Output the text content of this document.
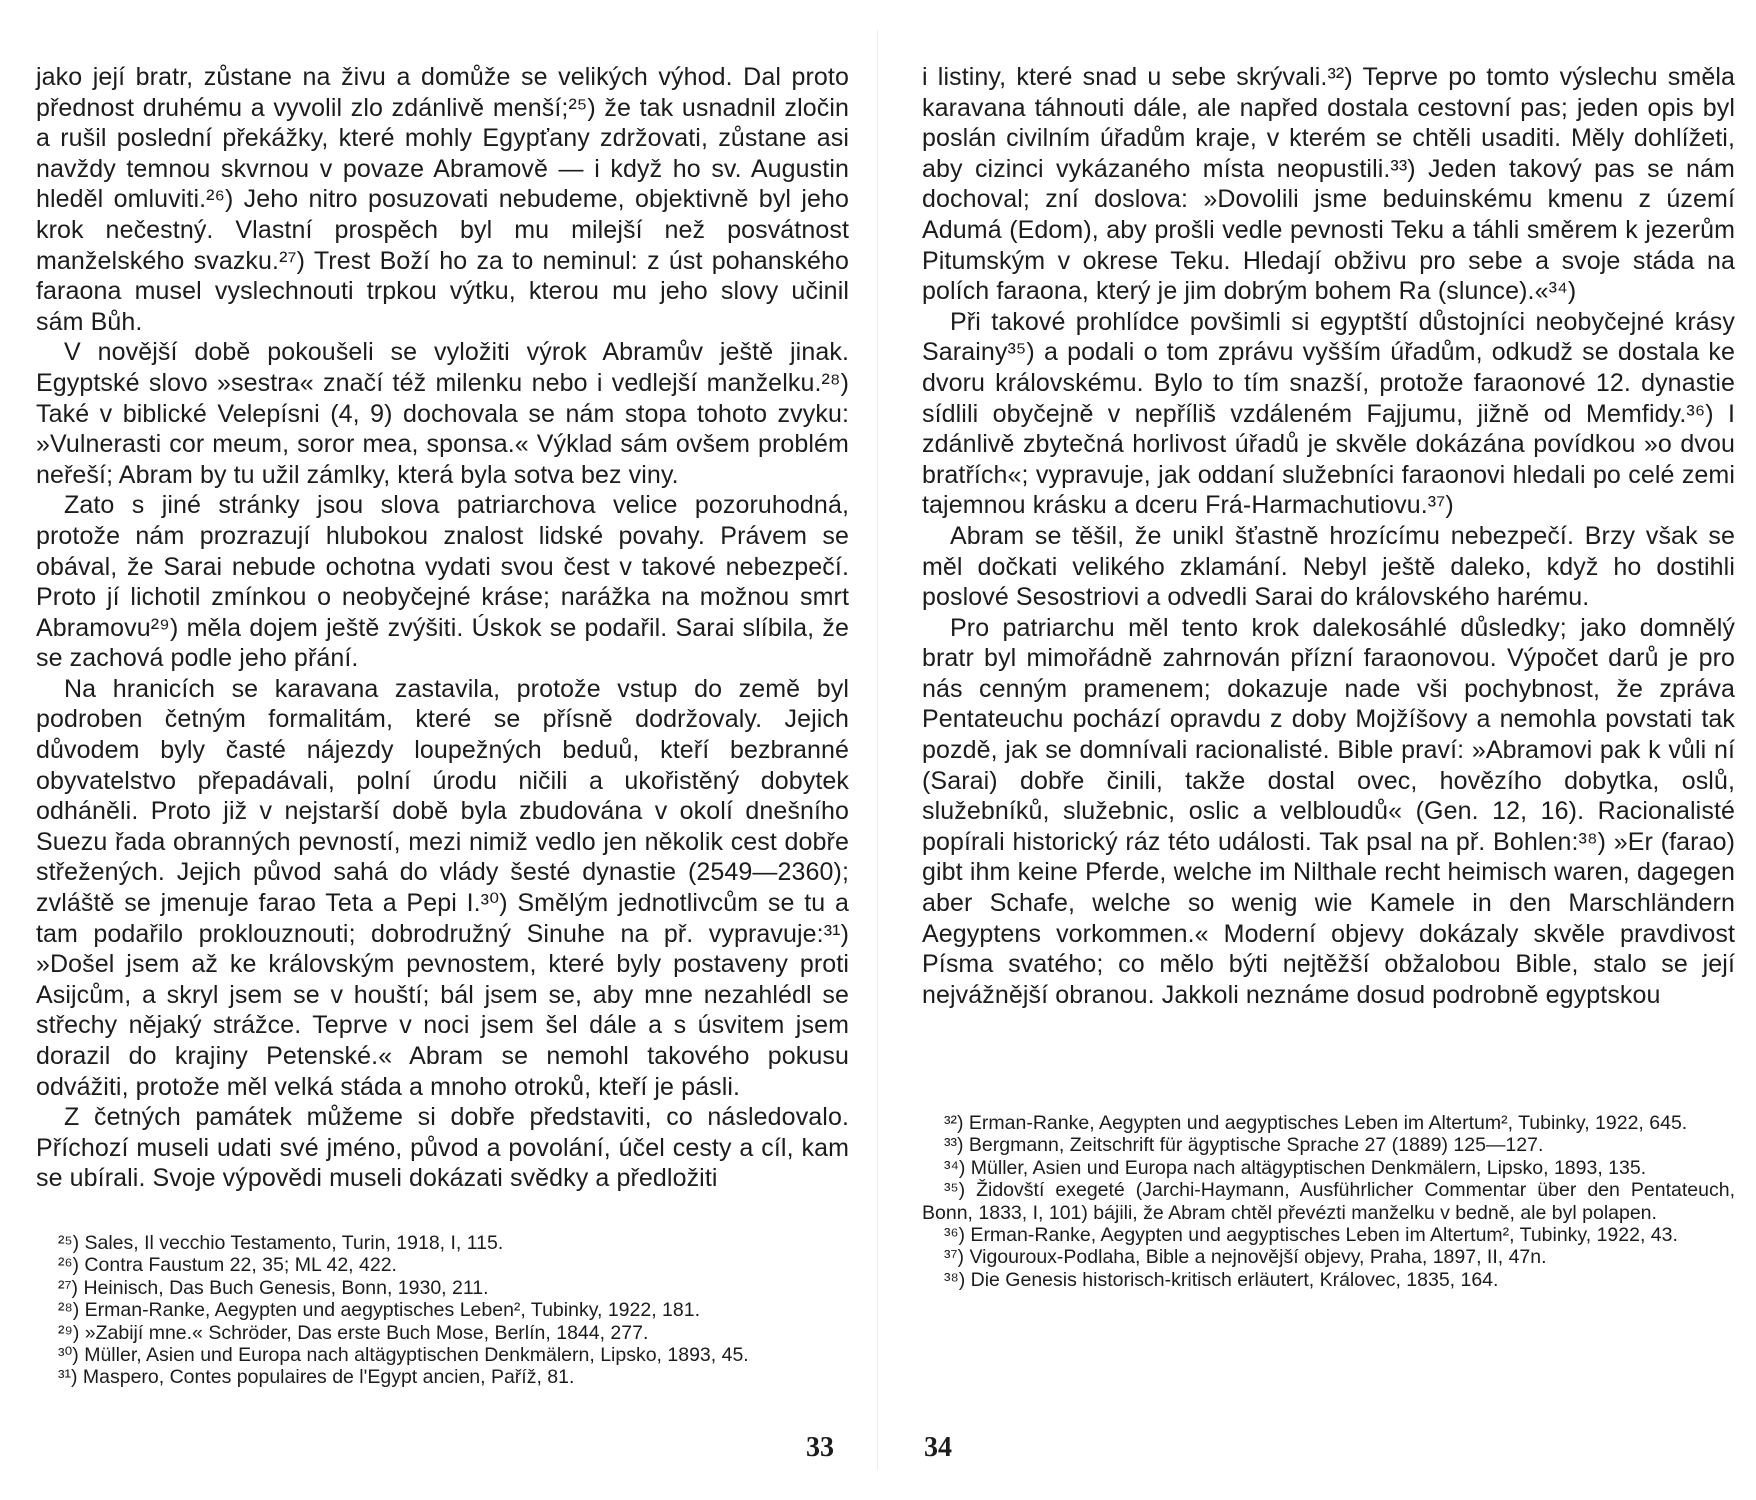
jako její bratr, zůstane na živu a domůže se velikých výhod. Dal proto přednost druhému a vyvolil zlo zdánlivě menší;²⁵) že tak usnadnil zločin a rušil poslední překážky, které mohly Egypťany zdržovati, zůstane asi navždy temnou skvrnou v povaze Abramově — i když ho sv. Augustin hleděl omluviti.²⁶) Jeho nitro posuzovati nebudeme, objektivně byl jeho krok nečestný. Vlastní prospěch byl mu milejší než posvátnost manželského svazku.²⁷) Trest Boží ho za to neminul: z úst pohanského faraona musel vyslechnouti trpkou výtku, kterou mu jeho slovy učinil sám Bůh.

V novější době pokoušeli se vyložiti výrok Abramův ještě jinak. Egyptské slovo »sestra« značí též milenku nebo i vedlejší manželku.²⁸) Také v biblické Velepísni (4, 9) dochovala se nám stopa tohoto zvyku: »Vulnerasti cor meum, soror mea, sponsa.« Výklad sám ovšem problém neřeší; Abram by tu užil zámlky, která byla sotva bez viny.

Zato s jiné stránky jsou slova patriarchova velice pozoruhodná, protože nám prozrazují hlubokou znalost lidské povahy. Právem se obával, že Sarai nebude ochotna vydati svou čest v takové nebezpečí. Proto jí lichotil zmínkou o neobyčejné kráse; narážka na možnou smrt Abramovu²⁹) měla dojem ještě zvýšiti. Úskok se podařil. Sarai slíbila, že se zachová podle jeho přání.

Na hranicích se karavana zastavila, protože vstup do země byl podroben četným formalitám, které se přísně dodržovaly. Jejich důvodem byly časté nájezdy loupežných beduů, kteří bezbranné obyvatelstvo přepadávali, polní úrodu ničili a ukořistěný dobytek odháněli. Proto již v nejstarší době byla zbudována v okolí dnešního Suezu řada obranných pevností, mezi nimiž vedlo jen několik cest dobře střežených. Jejich původ sahá do vlády šesté dynastie (2549—2360); zvláště se jmenuje farao Teta a Pepi I.³⁰) Smělým jednotlivcům se tu a tam podařilo proklouznouti; dobrodružný Sinuhe na př. vypravuje:³¹) »Došel jsem až ke královským pevnostem, které byly postaveny proti Asijcům, a skryl jsem se v houští; bál jsem se, aby mne nezahlédl se střechy nějaký strážce. Teprve v noci jsem šel dále a s úsvitem jsem dorazil do krajiny Petenské.« Abram se nemohl takového pokusu odvážiti, protože měl velká stáda a mnoho otroků, kteří je pásli.

Z četných památek můžeme si dobře představiti, co následovalo. Příchozí museli udati své jméno, původ a povolání, účel cesty a cíl, kam se ubírali. Svoje výpovědi museli dokázati svědky a předložiti

²⁵) Sales, Il vecchio Testamento, Turin, 1918, I, 115.

²⁶) Contra Faustum 22, 35; ML 42, 422.

²⁷) Heinisch, Das Buch Genesis, Bonn, 1930, 211.

²⁸) Erman-Ranke, Aegypten und aegyptisches Leben², Tubinky, 1922, 181.

²⁹) »Zabijí mne.« Schröder, Das erste Buch Mose, Berlín, 1844, 277.

³⁰) Müller, Asien und Europa nach altägyptischen Denkmälern, Lipsko, 1893, 45.

³¹) Maspero, Contes populaires de l'Egypt ancien, Paříž, 81.

33

i listiny, které snad u sebe skrývali.³²) Teprve po tomto výslechu směla karavana táhnouti dále, ale napřed dostala cestovní pas; jeden opis byl poslán civilním úřadům kraje, v kterém se chtěli usaditi. Měly dohlížeti, aby cizinci vykázaného místa neopustili.³³) Jeden takový pas se nám dochoval; zní doslova: »Dovolili jsme beduinskému kmenu z území Adumá (Edom), aby prošli vedle pevnosti Teku a táhli směrem k jezerům Pitumským v okrese Teku. Hledají obživu pro sebe a svoje stáda na polích faraona, který je jim dobrým bohem Ra (slunce).«³⁴)

Při takové prohlídce povšimli si egyptští důstojníci neobyčejné krásy Sarainy³⁵) a podali o tom zprávu vyšším úřadům, odkudž se dostala ke dvoru královskému. Bylo to tím snazší, protože faraonové 12. dynastie sídlili obyčejně v nepříliš vzdáleném Fajjumu, jižně od Memfidy.³⁶) I zdánlivě zbytečná horlivost úřadů je skvěle dokázána povídkou »o dvou bratřích«; vypravuje, jak oddaní služebníci faraonovi hledali po celé zemi tajemnou krásku a dceru Frá-Harmachutiovu.³⁷)

Abram se těšil, že unikl šťastně hrozícímu nebezpečí. Brzy však se měl dočkati velikého zklamání. Nebyl ještě daleko, když ho dostihli poslové Sesostriovi a odvedli Sarai do královského harému.

Pro patriarchu měl tento krok dalekosáhlé důsledky; jako domnělý bratr byl mimořádně zahrnován přízní faraonovou. Výpočet darů je pro nás cenným pramenem; dokazuje nade vši pochybnost, že zpráva Pentateuchu pochází opravdu z doby Mojžíšovy a nemohla povstati tak pozdě, jak se domnívali racionalisté. Bible praví: »Abramovi pak k vůli ní (Sarai) dobře činili, takže dostal ovec, hovězího dobytka, oslů, služebníků, služebnic, oslic a velbloudů« (Gen. 12, 16). Racionalisté popírali historický ráz této události. Tak psal na př. Bohlen:³⁸) »Er (farao) gibt ihm keine Pferde, welche im Nilthale recht heimisch waren, dagegen aber Schafe, welche so wenig wie Kamele in den Marschländern Aegyptens vorkommen.« Moderní objevy dokázaly skvěle pravdivost Písma svatého; co mělo býti nejtěžší obžalobou Bible, stalo se její nejvážnější obranou. Jakkoli neznáme dosud podrobně egyptskou

³²) Erman-Ranke, Aegypten und aegyptisches Leben im Altertum², Tubinky, 1922, 645.

³³) Bergmann, Zeitschrift für ägyptische Sprache 27 (1889) 125—127.

³⁴) Müller, Asien und Europa nach altägyptischen Denkmälern, Lipsko, 1893, 135.

³⁵) Židovští exegeté (Jarchi-Haymann, Ausführlicher Commentar über den Pentateuch, Bonn, 1833, I, 101) bájili, že Abram chtěl převézti manželku v bedně, ale byl polapen.

³⁶) Erman-Ranke, Aegypten und aegyptisches Leben im Altertum², Tubinky, 1922, 43.

³⁷) Vigouroux-Podlaha, Bible a nejnovější objevy, Praha, 1897, II, 47n.

³⁸) Die Genesis historisch-kritisch erläutert, Královec, 1835, 164.

34
